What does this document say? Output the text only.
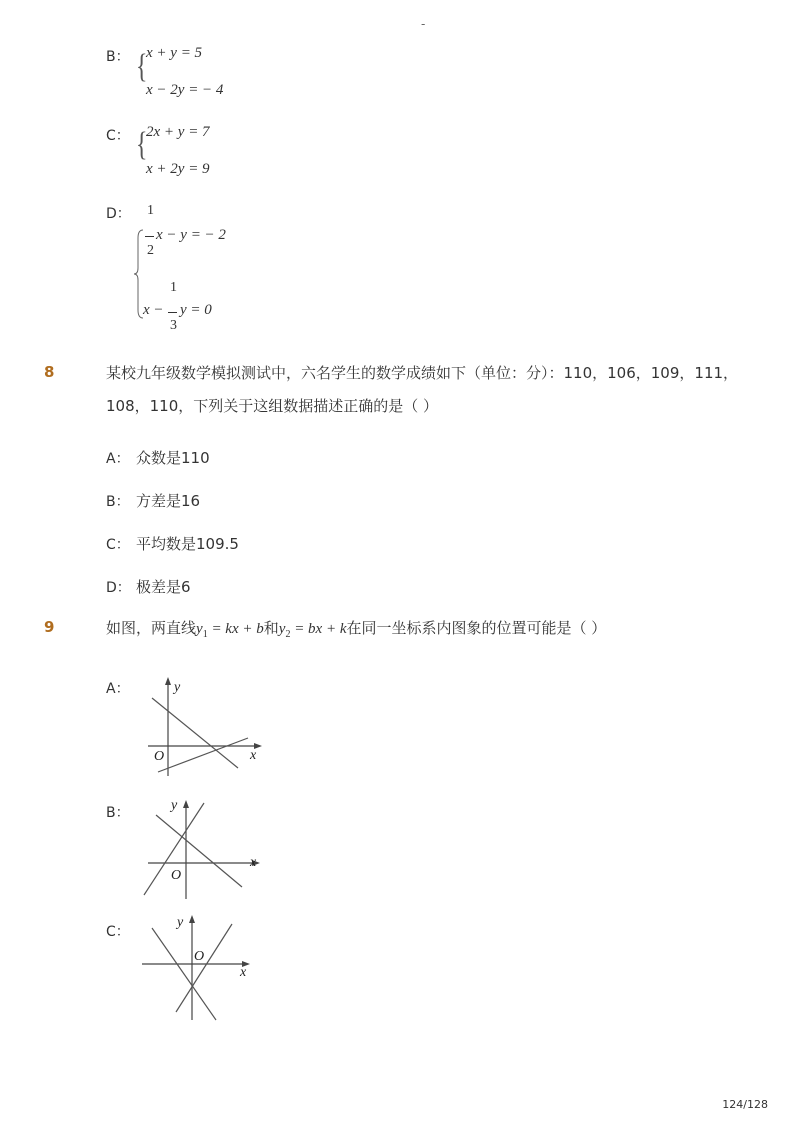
-
B： {
x + y = 5
x − 2y = − 4
C： {
2x + y = 7
x + 2y = 9
D： 1
2
x − y = − 2
x −
1
3
y = 0
8	某校九年级数学模拟测试中，六名学生的数学成绩如下（单位：分）：110，106，109，111，
108，110，下列关于这组数据描述正确的是（ ）
A： 众数是110
B： 方差是16
C： 平均数是109.5
D： 极差是6
9	如图，两直线$y_1$ = kx + b和$y_2$ = bx + k在同一坐标系内图象的位置可能是（ ）
A：	y
x
O
B：	y
x
O
C：
y
x
O
124/128
